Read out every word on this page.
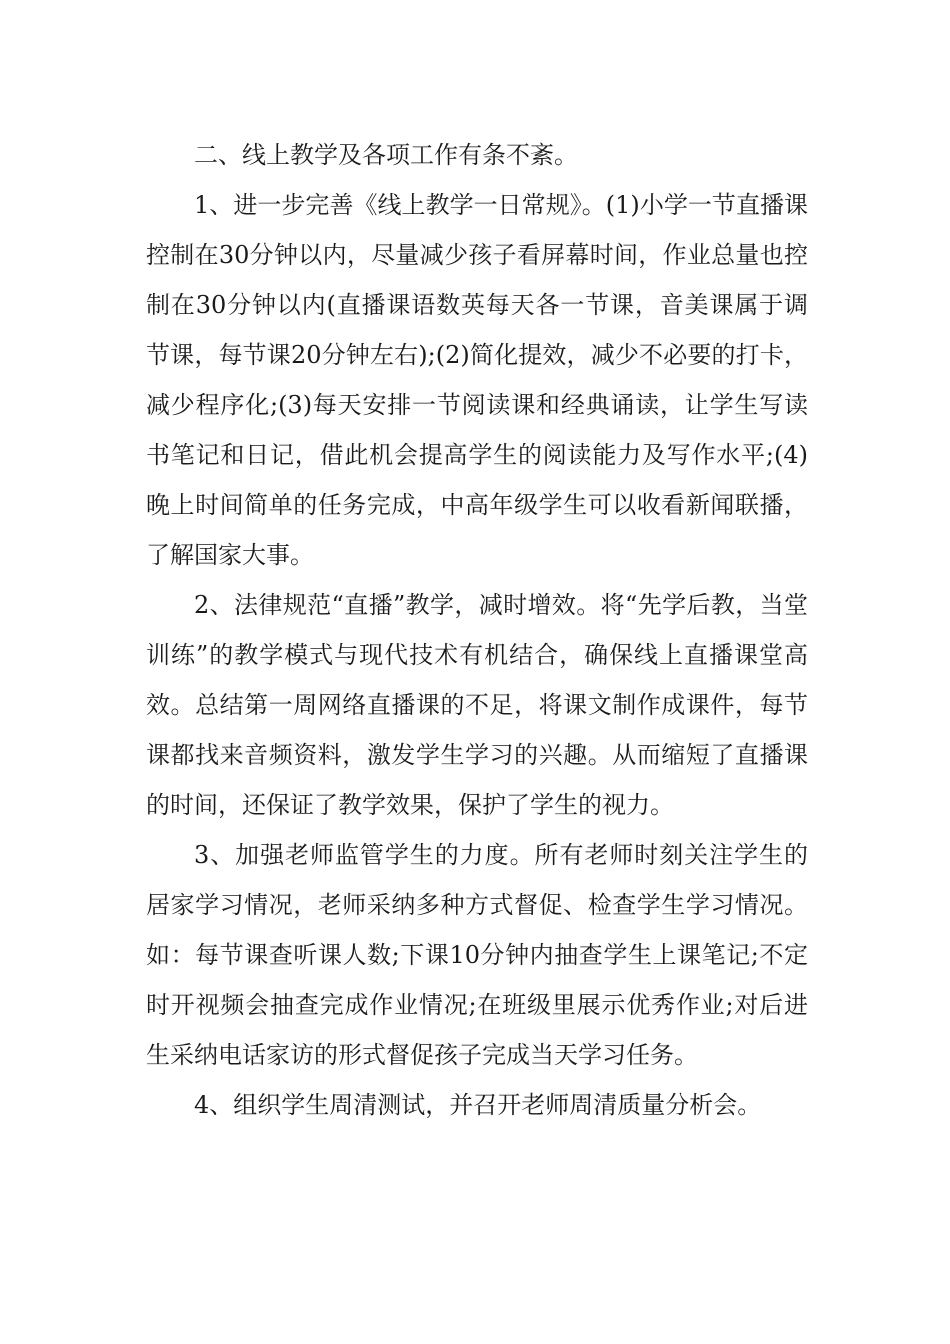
二、线上教学及各项工作有条不紊。

1、进一步完善《线上教学一日常规》。(1)小学一节直播课控制在30分钟以内，尽量减少孩子看屏幕时间，作业总量也控制在30分钟以内(直播课语数英每天各一节课，音美课属于调节课，每节课20分钟左右);(2)简化提效，减少不必要的打卡，减少程序化;(3)每天安排一节阅读课和经典诵读，让学生写读书笔记和日记，借此机会提高学生的阅读能力及写作水平;(4)晚上时间简单的任务完成，中高年级学生可以收看新闻联播，了解国家大事。

2、法律规范“直播”教学，减时增效。将“先学后教，当堂训练”的教学模式与现代技术有机结合，确保线上直播课堂高效。总结第一周网络直播课的不足，将课文制作成课件，每节课都找来音频资料，激发学生学习的兴趣。从而缩短了直播课的时间，还保证了教学效果，保护了学生的视力。

3、加强老师监管学生的力度。所有老师时刻关注学生的居家学习情况，老师采纳多种方式督促、检查学生学习情况。如：每节课查听课人数;下课10分钟内抽查学生上课笔记;不定时开视频会抽查完成作业情况;在班级里展示优秀作业;对后进生采纳电话家访的形式督促孩子完成当天学习任务。

4、组织学生周清测试，并召开老师周清质量分析会。
